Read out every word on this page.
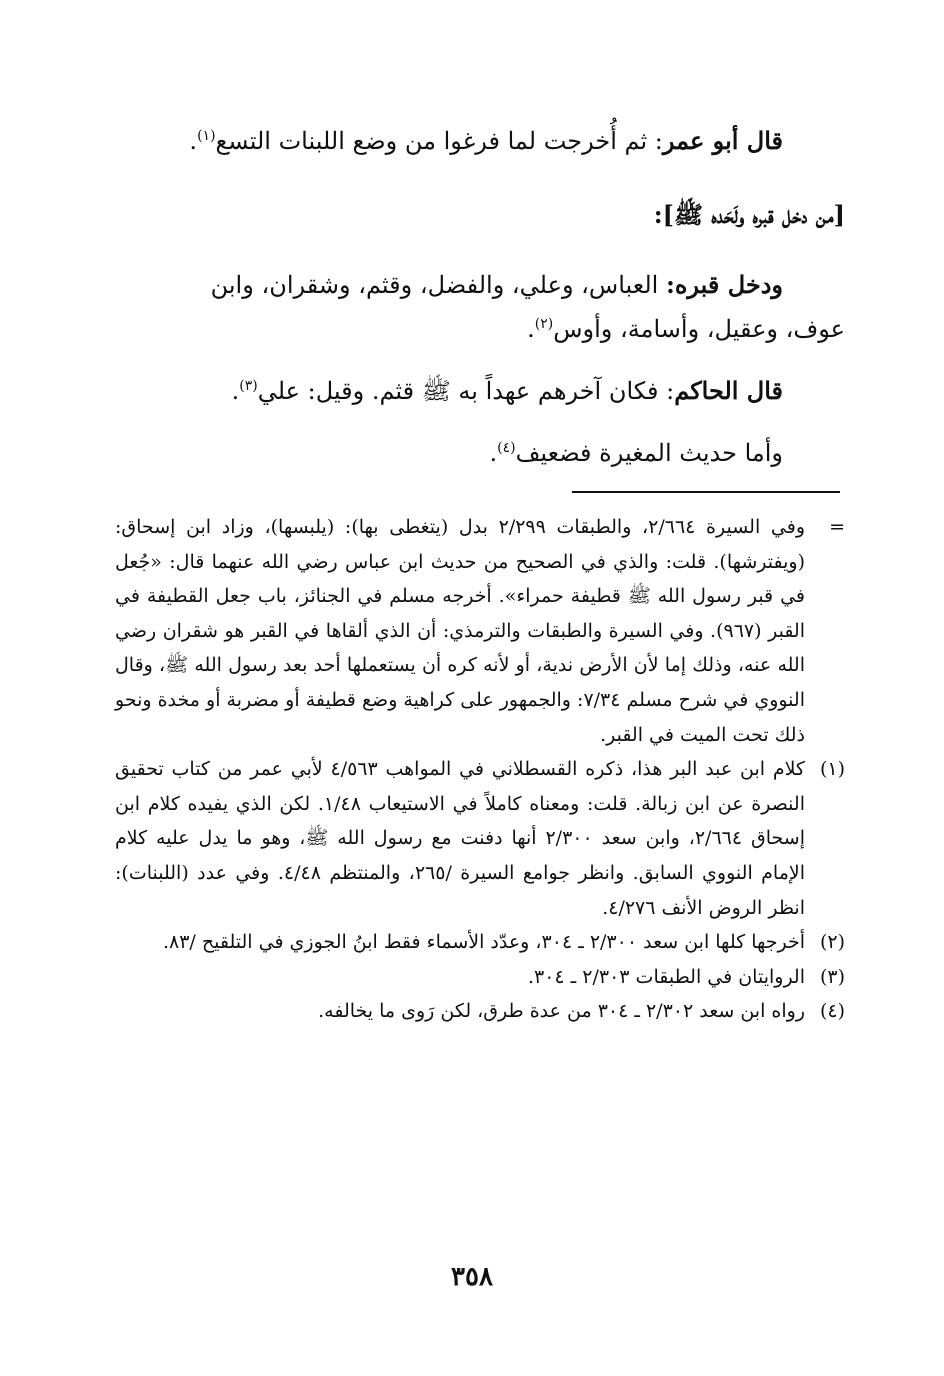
قال أبو عمر: ثم أُخرجت لما فرغوا من وضع اللبنات التسع$^{(١)}$.
[من دخل قبره ولَحَده ﷺ]:
ودخل قبره: العباس، وعلي، والفضل، وقثم، وشقران، وابن
عوف، وعقيل، وأسامة، وأوس$^{(٢)}$.
قال الحاكم: فكان آخرهم عهداً به ﷺ قثم. وقيل: علي$^{(٣)}$.
وأما حديث المغيرة فضعيف$^{(٤)}$.

=
وفي السيرة ٢/٦٦٤، والطبقات ٢/٢٩٩ بدل (يتغطى بها): (يلبسها)، وزاد ابن إسحاق: (ويفترشها). قلت: والذي في الصحيح من حديث ابن عباس رضي الله عنهما قال: «جُعل في قبر رسول الله ﷺ قطيفة حمراء». أخرجه مسلم في الجنائز، باب جعل القطيفة في القبر (٩٦٧). وفي السيرة والطبقات والترمذي: أن الذي ألقاها في القبر هو شقران رضي الله عنه، وذلك إما لأن الأرض ندية، أو لأنه كره أن يستعملها أحد بعد رسول الله ﷺ، وقال النووي في شرح مسلم ٧/٣٤: والجمهور على كراهية وضع قطيفة أو مضربة أو مخدة ونحو ذلك تحت الميت في القبر.

(١)
كلام ابن عبد البر هذا، ذكره القسطلاني في المواهب ٤/٥٦٣ لأبي عمر من كتاب تحقيق النصرة عن ابن زبالة. قلت: ومعناه كاملاً في الاستيعاب ١/٤٨. لكن الذي يفيده كلام ابن إسحاق ٢/٦٦٤، وابن سعد ٢/٣٠٠ أنها دفنت مع رسول الله ﷺ، وهو ما يدل عليه كلام الإمام النووي السابق. وانظر جوامع السيرة /٢٦٥، والمنتظم ٤/٤٨. وفي عدد (اللبنات): انظر الروض الأنف ٤/٢٧٦.

(٢)
أخرجها كلها ابن سعد ٢/٣٠٠ ـ ٣٠٤، وعدّد الأسماء فقط ابنُ الجوزي في التلقيح /٨٣.

(٣)
الروايتان في الطبقات ٢/٣٠٣ ـ ٣٠٤.

(٤)
رواه ابن سعد ٢/٣٠٢ ـ ٣٠٤ من عدة طرق، لكن رَوى ما يخالفه.

٣٥٨
